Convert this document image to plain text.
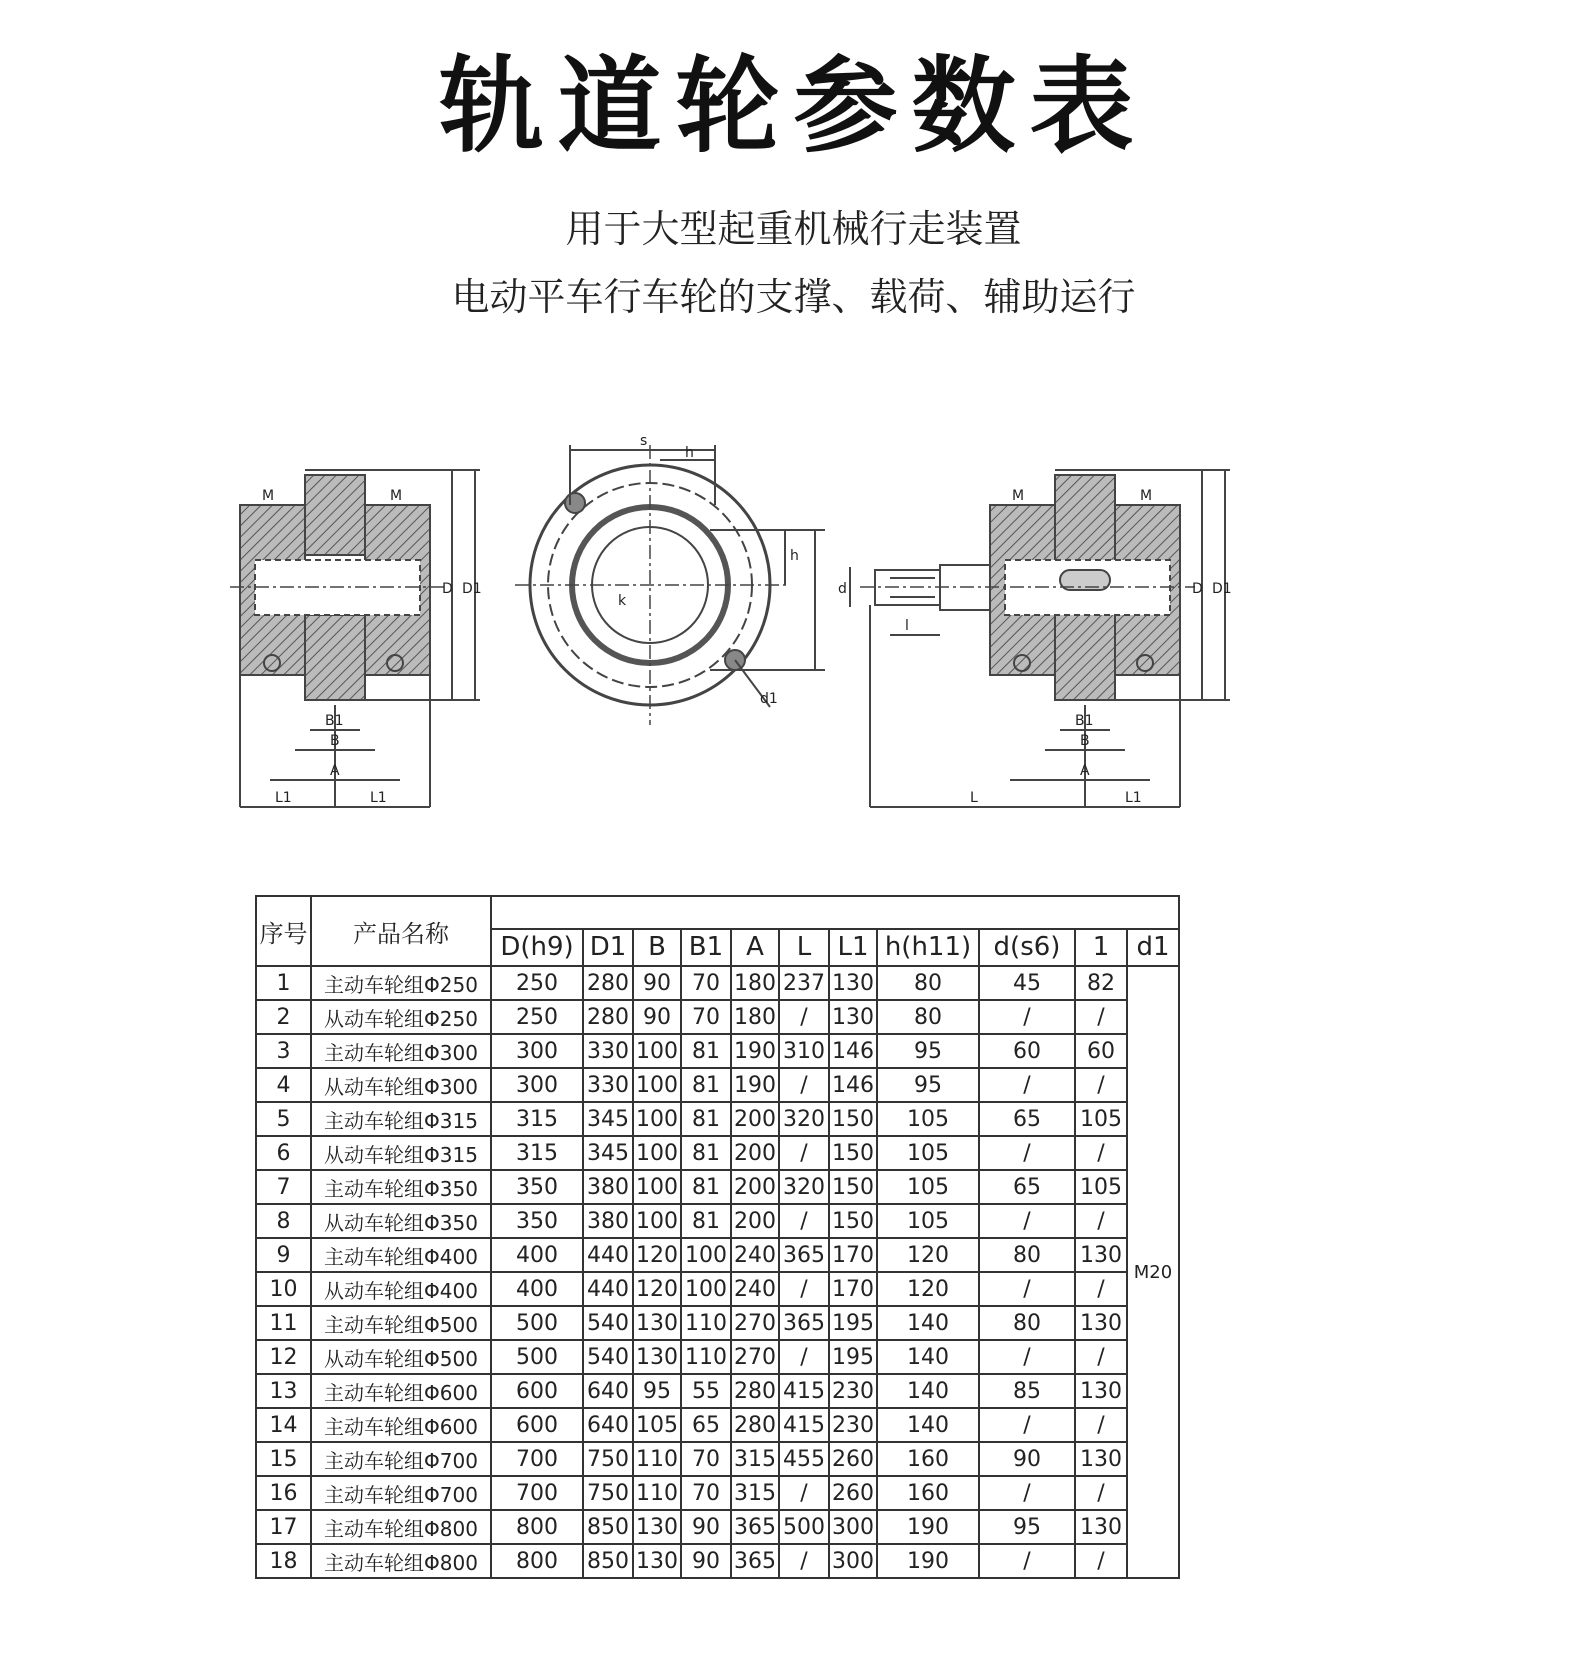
轨道轮参数表
用于大型起重机械行走装置
电动平车行车轮的支撑、载荷、辅助运行
M	M
D D1
B1
B
A
L1	L1
s
h
h
k
d1
M	M
D D1
d
l
B1
B
A
L	L1
序号	产品名称											
		D(h9)	D1	B	B1	A	L	L1	h(h11)	d(s6)	1	d1
1	主动车轮组Φ250	250	280	90	70	180	237	130	80	45	82	M20
2	从动车轮组Φ250	250	280	90	70	180	/	130	80	/	/	
3	主动车轮组Φ300	300	330	100	81	190	310	146	95	60	60	
4	从动车轮组Φ300	300	330	100	81	190	/	146	95	/	/	
5	主动车轮组Φ315	315	345	100	81	200	320	150	105	65	105	
6	从动车轮组Φ315	315	345	100	81	200	/	150	105	/	/	
7	主动车轮组Φ350	350	380	100	81	200	320	150	105	65	105	
8	从动车轮组Φ350	350	380	100	81	200	/	150	105	/	/	
9	主动车轮组Φ400	400	440	120	100	240	365	170	120	80	130	
10	从动车轮组Φ400	400	440	120	100	240	/	170	120	/	/	
11	主动车轮组Φ500	500	540	130	110	270	365	195	140	80	130	
12	从动车轮组Φ500	500	540	130	110	270	/	195	140	/	/	
13	主动车轮组Φ600	600	640	95	55	280	415	230	140	85	130	
14	主动车轮组Φ600	600	640	105	65	280	415	230	140	/	/	
15	主动车轮组Φ700	700	750	110	70	315	455	260	160	90	130	
16	主动车轮组Φ700	700	750	110	70	315	/	260	160	/	/	
17	主动车轮组Φ800	800	850	130	90	365	500	300	190	95	130	
18	主动车轮组Φ800	800	850	130	90	365	/	300	190	/	/	
